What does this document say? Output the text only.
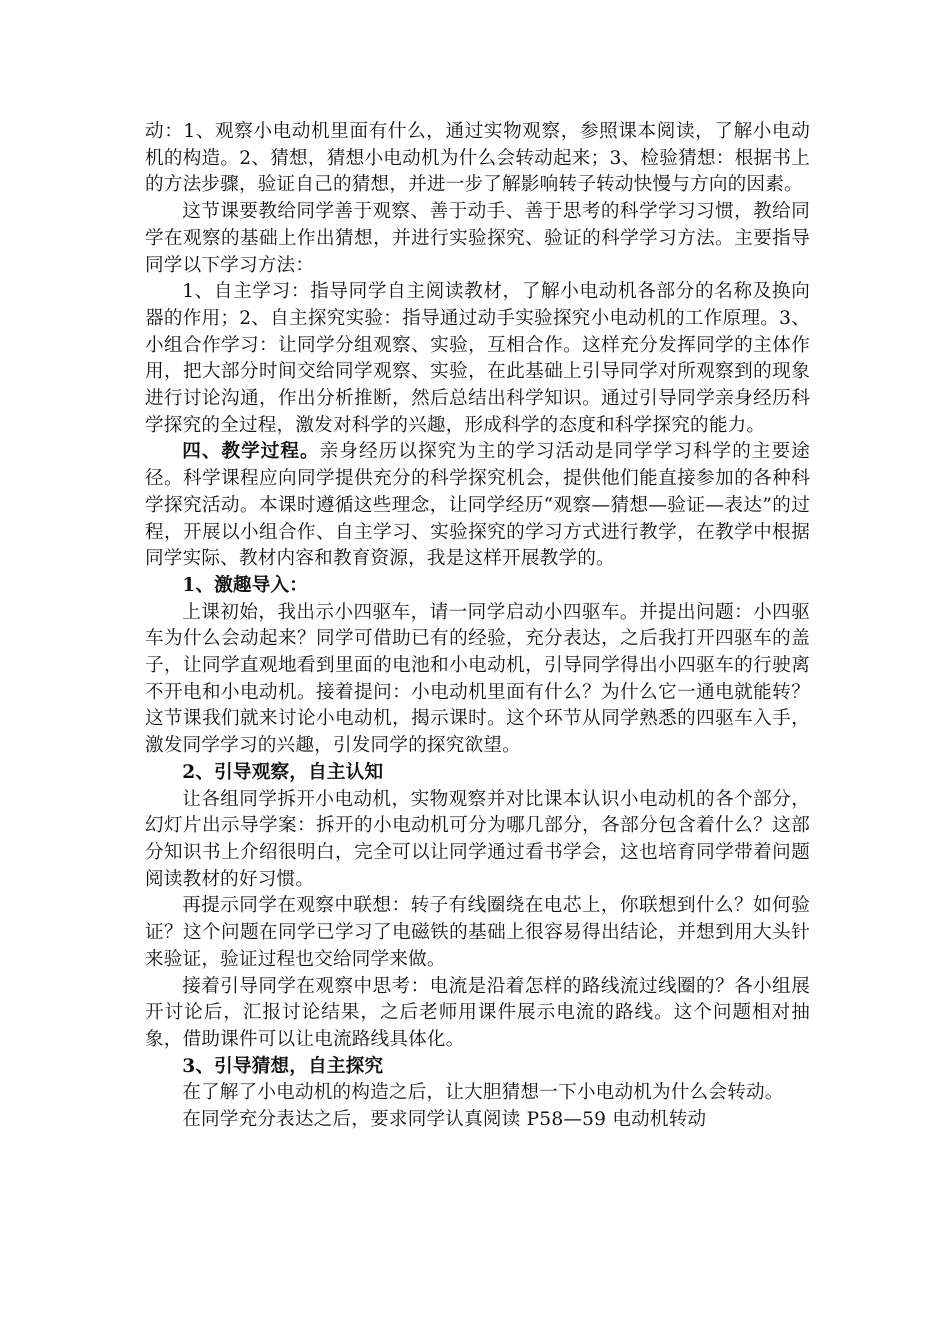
动：1、观察小电动机里面有什么，通过实物观察，参照课本阅读，了解小电动机的构造。2、猜想，猜想小电动机为什么会转动起来；3、检验猜想：根据书上的方法步骤，验证自己的猜想，并进一步了解影响转子转动快慢与方向的因素。

这节课要教给同学善于观察、善于动手、善于思考的科学学习习惯，教给同学在观察的基础上作出猜想，并进行实验探究、验证的科学学习方法。主要指导同学以下学习方法：

1、自主学习：指导同学自主阅读教材，了解小电动机各部分的名称及换向器的作用；2、自主探究实验：指导通过动手实验探究小电动机的工作原理。3、小组合作学习：让同学分组观察、实验，互相合作。这样充分发挥同学的主体作用，把大部分时间交给同学观察、实验，在此基础上引导同学对所观察到的现象进行讨论沟通，作出分析推断，然后总结出科学知识。通过引导同学亲身经历科学探究的全过程，激发对科学的兴趣，形成科学的态度和科学探究的能力。

四、教学过程。亲身经历以探究为主的学习活动是同学学习科学的主要途径。科学课程应向同学提供充分的科学探究机会，提供他们能直接参加的各种科学探究活动。本课时遵循这些理念，让同学经历“观察—猜想—验证—表达”的过程，开展以小组合作、自主学习、实验探究的学习方式进行教学，在教学中根据同学实际、教材内容和教育资源，我是这样开展教学的。

1、激趣导入：

上课初始，我出示小四驱车，请一同学启动小四驱车。并提出问题：小四驱车为什么会动起来？同学可借助已有的经验，充分表达，之后我打开四驱车的盖子，让同学直观地看到里面的电池和小电动机，引导同学得出小四驱车的行驶离不开电和小电动机。接着提问：小电动机里面有什么？为什么它一通电就能转？这节课我们就来讨论小电动机，揭示课时。这个环节从同学熟悉的四驱车入手，激发同学学习的兴趣，引发同学的探究欲望。

2、引导观察，自主认知

让各组同学拆开小电动机，实物观察并对比课本认识小电动机的各个部分，幻灯片出示导学案：拆开的小电动机可分为哪几部分，各部分包含着什么？这部分知识书上介绍很明白，完全可以让同学通过看书学会，这也培育同学带着问题阅读教材的好习惯。

再提示同学在观察中联想：转子有线圈绕在电芯上，你联想到什么？如何验证？这个问题在同学已学习了电磁铁的基础上很容易得出结论，并想到用大头针来验证，验证过程也交给同学来做。

接着引导同学在观察中思考：电流是沿着怎样的路线流过线圈的？各小组展开讨论后，汇报讨论结果，之后老师用课件展示电流的路线。这个问题相对抽象，借助课件可以让电流路线具体化。

3、引导猜想，自主探究

在了解了小电动机的构造之后，让大胆猜想一下小电动机为什么会转动。

在同学充分表达之后，要求同学认真阅读 P58—59 电动机转动
